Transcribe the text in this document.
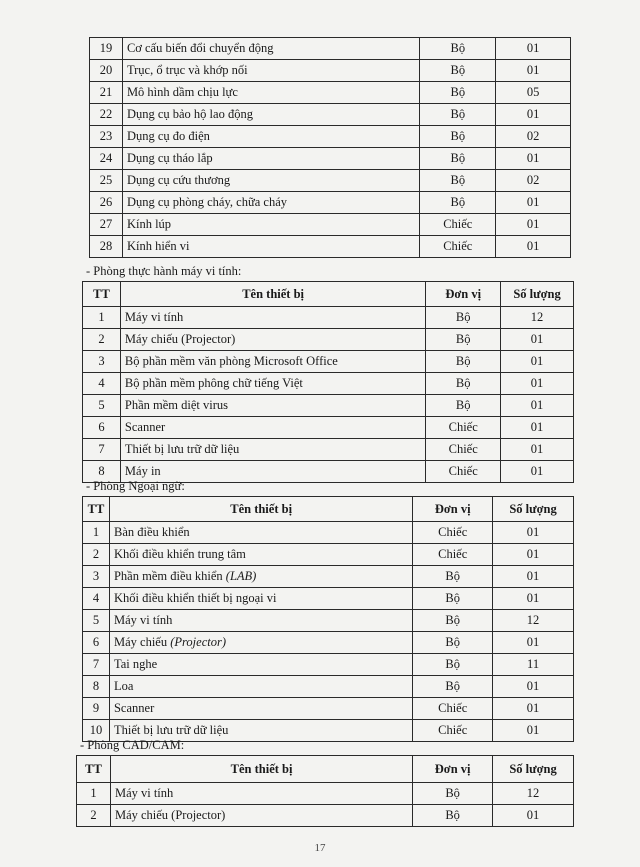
19	Cơ cấu biến đổi chuyển động	Bộ	01
20	Trục, ổ trục và khớp nối	Bộ	01
21	Mô hình dầm chịu lực	Bộ	05
22	Dụng cụ bảo hộ lao động	Bộ	01
23	Dụng cụ đo điện	Bộ	02
24	Dụng cụ tháo lắp	Bộ	01
25	Dụng cụ cứu thương	Bộ	02
26	Dụng cụ phòng cháy, chữa cháy	Bộ	01
27	Kính lúp	Chiếc	01
28	Kính hiển vi	Chiếc	01
- Phòng thực hành máy vi tính:
TT	Tên thiết bị	Đơn vị	Số lượng
1	Máy vi tính	Bộ	12
2	Máy chiếu (Projector)	Bộ	01
3	Bộ phần mềm văn phòng Microsoft Office	Bộ	01
4	Bộ phần mềm phông chữ tiếng Việt	Bộ	01
5	Phần mềm diệt virus	Bộ	01
6	Scanner	Chiếc	01
7	Thiết bị lưu trữ dữ liệu	Chiếc	01
8	Máy in	Chiếc	01
- Phòng Ngoại ngữ:
TT	Tên thiết bị	Đơn vị	Số lượng
1	Bàn điều khiển	Chiếc	01
2	Khối điều khiển trung tâm	Chiếc	01
3	Phần mềm điều khiển (LAB)	Bộ	01
4	Khối điều khiển thiết bị ngoại vi	Bộ	01
5	Máy vi tính	Bộ	12
6	Máy chiếu (Projector)	Bộ	01
7	Tai nghe	Bộ	11
8	Loa	Bộ	01
9	Scanner	Chiếc	01
10	Thiết bị lưu trữ dữ liệu	Chiếc	01
- Phòng CAD/CAM:
TT	Tên thiết bị	Đơn vị	Số lượng
1	Máy vi tính	Bộ	12
2	Máy chiếu (Projector)	Bộ	01
17
